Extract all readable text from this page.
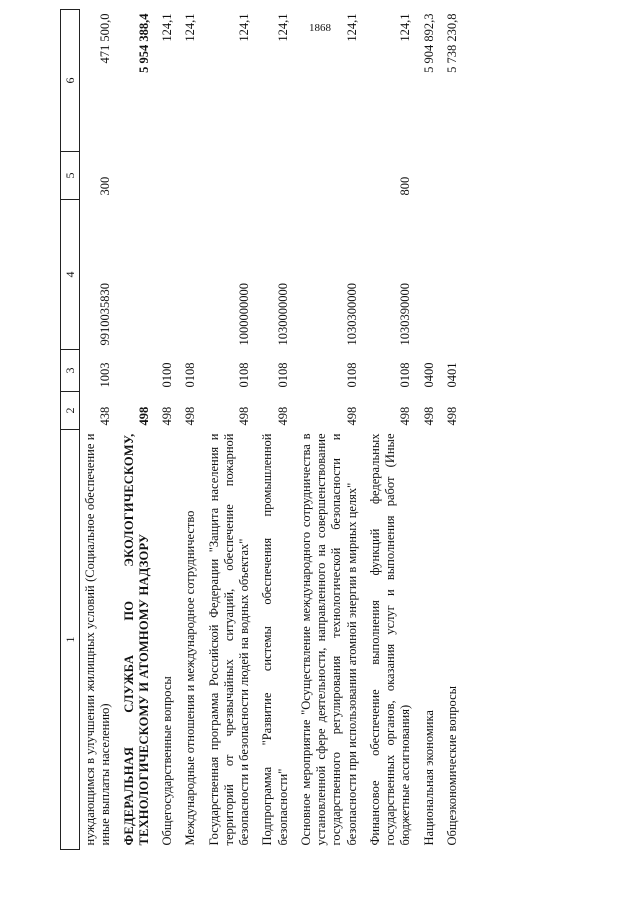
1868
1	2	3	4	5	6
нуждающимся в улучшении жилищных условий (Социальное обеспечение и иные выплаты населению)	438	1003	9910035830	300	471 500,0
ФЕДЕРАЛЬНАЯ СЛУЖБА ПО ЭКОЛОГИЧЕСКОМУ, ТЕХНОЛОГИЧЕСКОМУ И АТОМНОМУ НАДЗОРУ	498				5 954 388,4
Общегосударственные вопросы	498	0100			124,1
Международные отношения и международное сотрудничество	498	0108			124,1
Государственная программа Российской Федерации "Защита населения и территорий от чрезвычайных ситуаций, обеспечение пожарной безопасности и безопасности людей на водных объектах"	498	0108	1000000000		124,1
Подпрограмма "Развитие системы обеспечения промышленной безопасности"	498	0108	1030000000		124,1
Основное мероприятие "Осуществление международного сотрудничества в установленной сфере деятельности, направленного на совершенствование государственного регулирования технологической безопасности и безопасности при использовании атомной энергии в мирных целях"	498	0108	1030300000		124,1
Финансовое обеспечение выполнения функций федеральных государственных органов, оказания услуг и выполнения работ (Иные бюджетные ассигнования)	498	0108	1030390000	800	124,1
Национальная экономика	498	0400			5 904 892,3
Общеэкономические вопросы	498	0401			5 738 230,8
